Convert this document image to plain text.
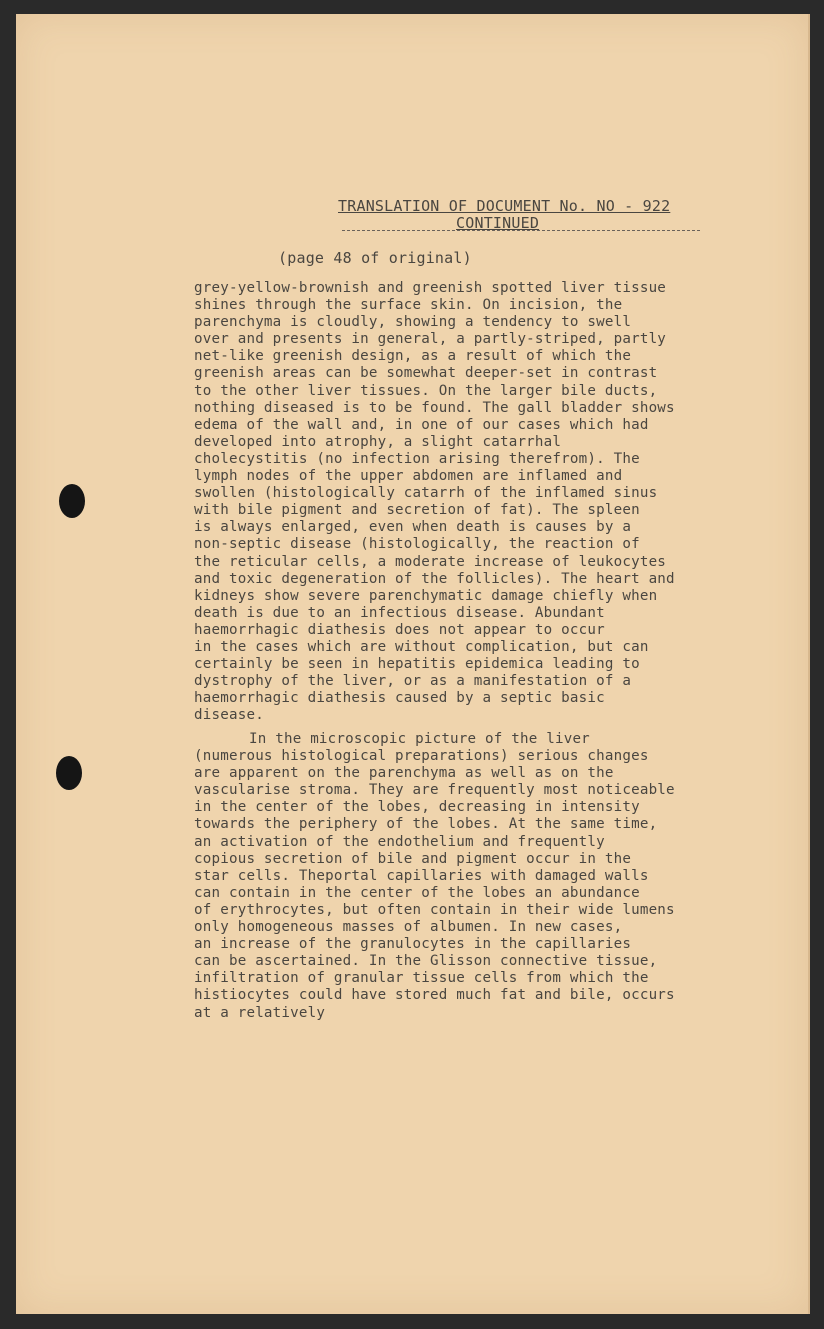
TRANSLATION OF DOCUMENT No. NO - 922
CONTINUED
(page 48 of original)
grey-yellow-brownish and greenish spotted liver tissue
shines through the surface skin. On incision, the
parenchyma is cloudly, showing a tendency to swell
over and presents in general, a partly-striped, partly
net-like greenish design, as a result of which the
greenish areas can be somewhat deeper-set in contrast
to the other liver tissues. On the larger bile ducts,
nothing diseased is to be found. The gall bladder shows
edema of the wall and, in one of our cases which had
developed into atrophy, a slight catarrhal
cholecystitis (no infection arising therefrom). The
lymph nodes of the upper abdomen are inflamed and
swollen (histologically catarrh of the inflamed sinus
with bile pigment and secretion of fat). The spleen
is always enlarged, even when death is causes by a
non-septic disease (histologically, the reaction of
the reticular cells, a moderate increase of leukocytes
and toxic degeneration of the follicles). The heart and
kidneys show severe parenchymatic damage chiefly when
death is due to an infectious disease. Abundant
haemorrhagic diathesis does not appear to occur
in the cases which are without complication, but can
certainly be seen in hepatitis epidemica leading to
dystrophy of the liver, or as a manifestation of a
haemorrhagic diathesis caused by a septic basic
disease.
In the microscopic picture of the liver
(numerous histological preparations) serious changes
are apparent on the parenchyma as well as on the
vascularise stroma. They are frequently most noticeable
in the center of the lobes, decreasing in intensity
towards the periphery of the lobes. At the same time,
an activation of the endothelium and frequently
copious secretion of bile and pigment occur in the
star cells. Theportal capillaries with damaged walls
can contain in the center of the lobes an abundance
of erythrocytes, but often contain in their wide lumens
only homogeneous masses of albumen. In new cases,
an increase of the granulocytes in the capillaries
can be ascertained. In the Glisson connective tissue,
infiltration of granular tissue cells from which the
histiocytes could have stored much fat and bile, occurs
at a relatively
